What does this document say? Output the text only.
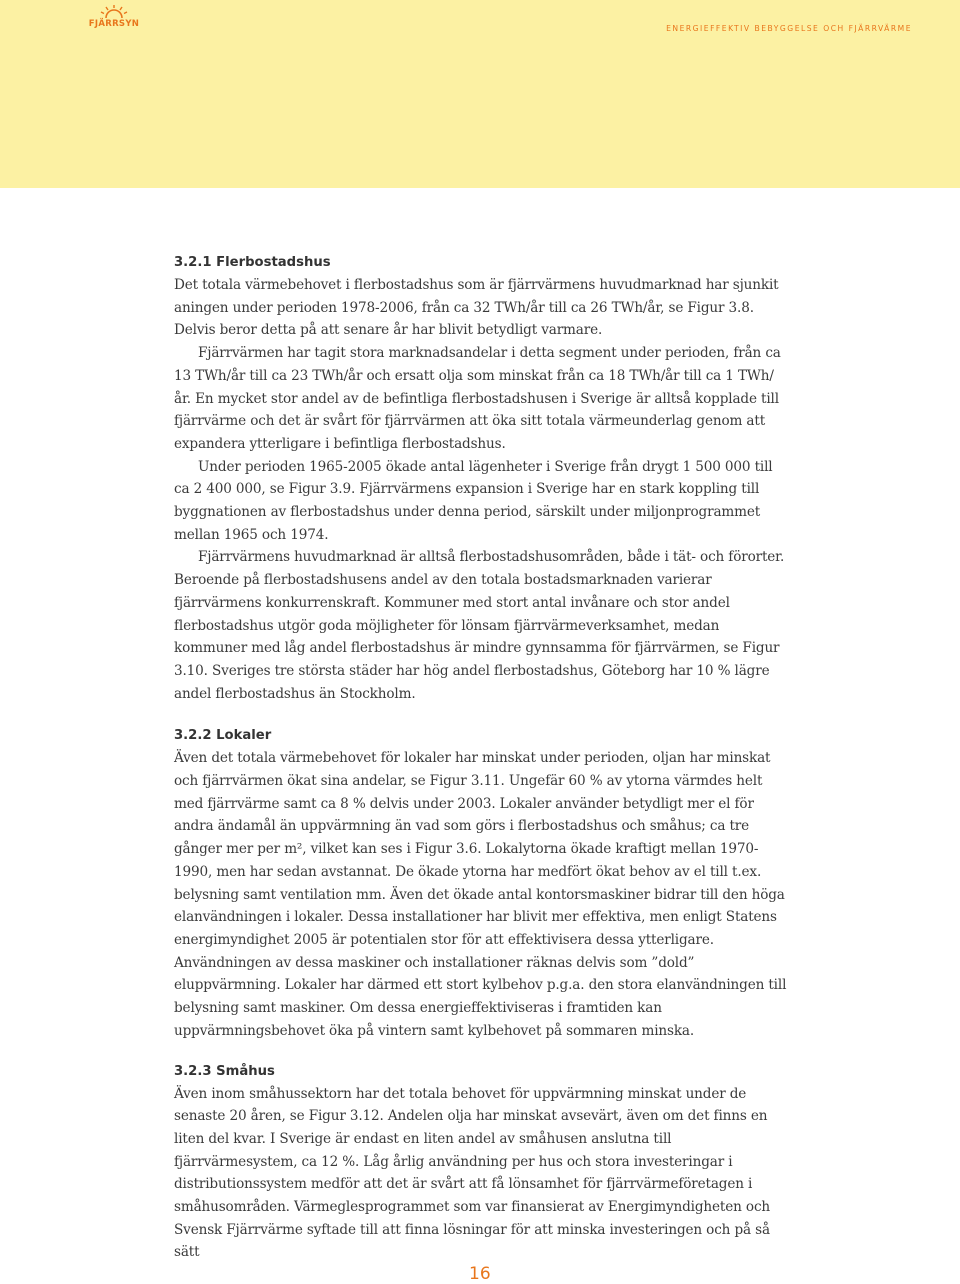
FJÄRRSYN	ENERGIEFFEKTIV BEBYGGELSE OCH FJÄRRVÄRME
3.2.1 Flerbostadshus

Det totala värmebehovet i flerbostadshus som är fjärrvärmens huvudmarknad har sjunkit aningen under perioden 1978-2006, från ca 32 TWh/år till ca 26 TWh/år, se Figur 3.8. Delvis beror detta på att senare år har blivit betydligt varmare.

Fjärrvärmen har tagit stora marknadsandelar i detta segment under perioden, från ca 13 TWh/år till ca 23 TWh/år och ersatt olja som minskat från ca 18 TWh/år till ca 1 TWh/år. En mycket stor andel av de befintliga flerbostadshusen i Sverige är alltså kopplade till fjärrvärme och det är svårt för fjärrvärmen att öka sitt totala värmeunderlag genom att expandera ytterligare i befintliga flerbostadshus.

Under perioden 1965-2005 ökade antal lägenheter i Sverige från drygt 1 500 000 till ca 2 400 000, se Figur 3.9. Fjärrvärmens expansion i Sverige har en stark koppling till byggnationen av flerbostadshus under denna period, särskilt under miljonprogrammet mellan 1965 och 1974.

Fjärrvärmens huvudmarknad är alltså flerbostadshusområden, både i tät- och förorter. Beroende på flerbostadshusens andel av den totala bostadsmarknaden varierar fjärrvärmens konkurrenskraft. Kommuner med stort antal invånare och stor andel flerbostadshus utgör goda möjligheter för lönsam fjärrvärmeverksamhet, medan kommuner med låg andel flerbostadshus är mindre gynnsamma för fjärrvärmen, se Figur 3.10. Sveriges tre största städer har hög andel flerbostadshus, Göteborg har 10 % lägre andel flerbostadshus än Stockholm.

3.2.2 Lokaler

Även det totala värmebehovet för lokaler har minskat under perioden, oljan har minskat och fjärrvärmen ökat sina andelar, se Figur 3.11. Ungefär 60 % av ytorna värmdes helt med fjärrvärme samt ca 8 % delvis under 2003. Lokaler använder betydligt mer el för andra ändamål än uppvärmning än vad som görs i flerbostadshus och småhus; ca tre gånger mer per m², vilket kan ses i Figur 3.6. Lokalytorna ökade kraftigt mellan 1970-1990, men har sedan avstannat. De ökade ytorna har medfört ökat behov av el till t.ex. belysning samt ventilation mm. Även det ökade antal kontorsmaskiner bidrar till den höga elanvändningen i lokaler. Dessa installationer har blivit mer effektiva, men enligt Statens energimyndighet 2005 är potentialen stor för att effektivisera dessa ytterligare. Användningen av dessa maskiner och installationer räknas delvis som ”dold” eluppvärmning. Lokaler har därmed ett stort kylbehov p.g.a. den stora elanvändningen till belysning samt maskiner. Om dessa energieffektiviseras i framtiden kan uppvärmningsbehovet öka på vintern samt kylbehovet på sommaren minska.

3.2.3 Småhus

Även inom småhussektorn har det totala behovet för uppvärmning minskat under de senaste 20 åren, se Figur 3.12. Andelen olja har minskat avsevärt, även om det finns en liten del kvar. I Sverige är endast en liten andel av småhusen anslutna till fjärrvärmesystem, ca 12 %. Låg årlig användning per hus och stora investeringar i distributionssystem medför att det är svårt att få lönsamhet för fjärrvärmeföretagen i småhusområden. Värmeglesprogrammet som var finansierat av Energimyndigheten och Svensk Fjärrvärme syftade till att finna lösningar för att minska investeringen och på så sätt

16
